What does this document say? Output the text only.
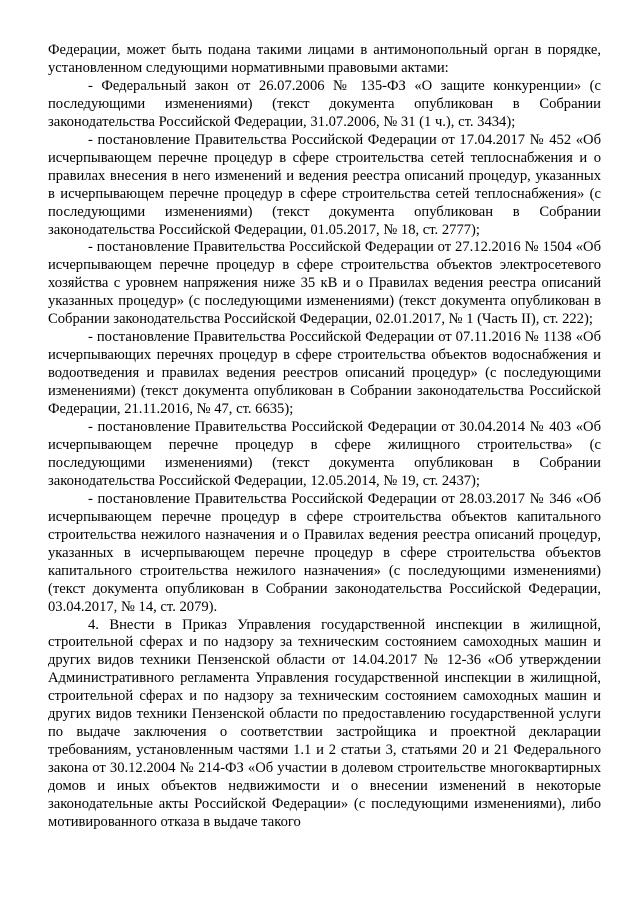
Федерации, может быть подана такими лицами в антимонопольный орган в порядке, установленном следующими нормативными правовыми актами:

- Федеральный закон от 26.07.2006 № 135-ФЗ «О защите конкуренции» (с последующими изменениями) (текст документа опубликован в Собрании законодательства Российской Федерации, 31.07.2006, № 31 (1 ч.), ст. 3434);

- постановление Правительства Российской Федерации от 17.04.2017 № 452 «Об исчерпывающем перечне процедур в сфере строительства сетей теплоснабжения и о правилах внесения в него изменений и ведения реестра описаний процедур, указанных в исчерпывающем перечне процедур в сфере строительства сетей теплоснабжения» (с последующими изменениями) (текст документа опубликован в Собрании законодательства Российской Федерации, 01.05.2017, № 18, ст. 2777);

- постановление Правительства Российской Федерации от 27.12.2016 № 1504 «Об исчерпывающем перечне процедур в сфере строительства объектов электросетевого хозяйства с уровнем напряжения ниже 35 кВ и о Правилах ведения реестра описаний указанных процедур» (с последующими изменениями) (текст документа опубликован в Собрании законодательства Российской Федерации, 02.01.2017, № 1 (Часть II), ст. 222);

- постановление Правительства Российской Федерации от 07.11.2016 № 1138 «Об исчерпывающих перечнях процедур в сфере строительства объектов водоснабжения и водоотведения и правилах ведения реестров описаний процедур» (с последующими изменениями) (текст документа опубликован в Собрании законодательства Российской Федерации, 21.11.2016, № 47, ст. 6635);

- постановление Правительства Российской Федерации от 30.04.2014 № 403 «Об исчерпывающем перечне процедур в сфере жилищного строительства» (с последующими изменениями) (текст документа опубликован в Собрании законодательства Российской Федерации, 12.05.2014, № 19, ст. 2437);

- постановление Правительства Российской Федерации от 28.03.2017 № 346 «Об исчерпывающем перечне процедур в сфере строительства объектов капитального строительства нежилого назначения и о Правилах ведения реестра описаний процедур, указанных в исчерпывающем перечне процедур в сфере строительства объектов капитального строительства нежилого назначения» (с последующими изменениями) (текст документа опубликован в Собрании законодательства Российской Федерации, 03.04.2017, № 14, ст. 2079).

4. Внести в Приказ Управления государственной инспекции в жилищной, строительной сферах и по надзору за техническим состоянием самоходных машин и других видов техники Пензенской области от 14.04.2017 № 12-36 «Об утверждении Административного регламента Управления государственной инспекции в жилищной, строительной сферах и по надзору за техническим состоянием самоходных машин и других видов техники Пензенской области по предоставлению государственной услуги по выдаче заключения о соответствии застройщика и проектной декларации требованиям, установленным частями 1.1 и 2 статьи 3, статьями 20 и 21 Федерального закона от 30.12.2004 № 214-ФЗ «Об участии в долевом строительстве многоквартирных домов и иных объектов недвижимости и о внесении изменений в некоторые законодательные акты Российской Федерации» (с последующими изменениями), либо мотивированного отказа в выдаче такого
